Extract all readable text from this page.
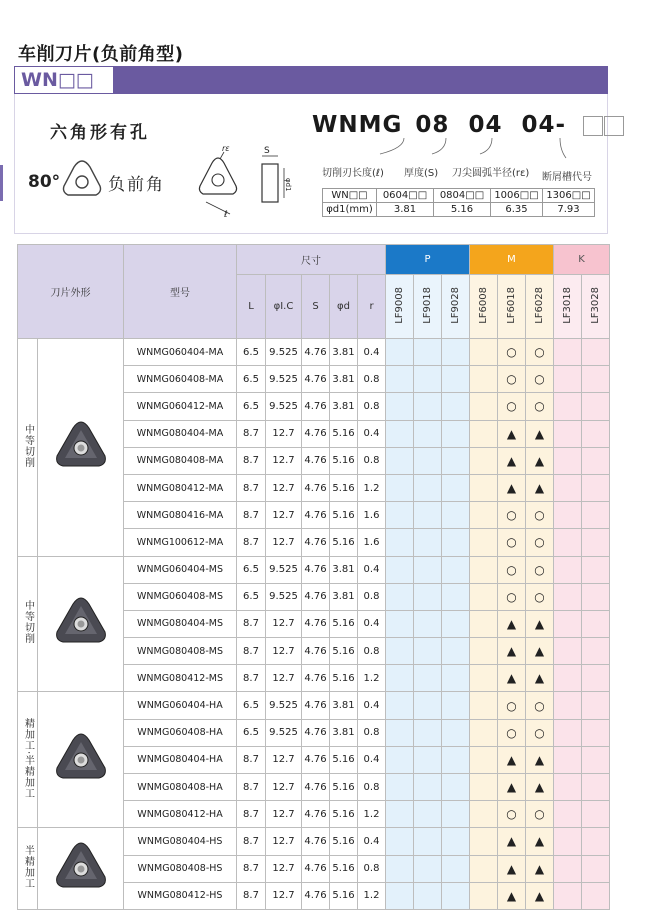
车削刀片(负前角型)
WN□□
六角形有孔
80°	负前角
rε
ℓ
S
φd1
WNMG 08 04 04-
切削刃长度(ℓ) 厚度(S) 刀尖圆弧半径(rε) 断屑槽代号
WN□□	0604□□	0804□□	1006□□	1306□□
φd1(mm)	3.81	5.16	6.35	7.93
刀片外形		型号	尺寸					P			M			K	
			L	φI.C	S	φd	r	LF9008	LF9018	LF9028	LF6008	LF6018	LF6028	LF3018	LF3028
中等切削		WNMG060404-MA	6.5	9.525	4.76	3.81	0.4					○	○		
		WNMG060408-MA	6.5	9.525	4.76	3.81	0.8					○	○		
		WNMG060412-MA	6.5	9.525	4.76	3.81	0.8					○	○		
		WNMG080404-MA	8.7	12.7	4.76	5.16	0.4					▲	▲		
		WNMG080408-MA	8.7	12.7	4.76	5.16	0.8					▲	▲		
		WNMG080412-MA	8.7	12.7	4.76	5.16	1.2					▲	▲		
		WNMG080416-MA	8.7	12.7	4.76	5.16	1.6					○	○		
		WNMG100612-MA	8.7	12.7	4.76	5.16	1.6					○	○		
中等切削		WNMG060404-MS	6.5	9.525	4.76	3.81	0.4					○	○		
		WNMG060408-MS	6.5	9.525	4.76	3.81	0.8					○	○		
		WNMG080404-MS	8.7	12.7	4.76	5.16	0.4					▲	▲		
		WNMG080408-MS	8.7	12.7	4.76	5.16	0.8					▲	▲		
		WNMG080412-MS	8.7	12.7	4.76	5.16	1.2					▲	▲		
精加工·半精加工		WNMG060404-HA	6.5	9.525	4.76	3.81	0.4					○	○		
		WNMG060408-HA	6.5	9.525	4.76	3.81	0.8					○	○		
		WNMG080404-HA	8.7	12.7	4.76	5.16	0.4					▲	▲		
		WNMG080408-HA	8.7	12.7	4.76	5.16	0.8					▲	▲		
		WNMG080412-HA	8.7	12.7	4.76	5.16	1.2					○	○		
半精加工		WNMG080404-HS	8.7	12.7	4.76	5.16	0.4					▲	▲		
		WNMG080408-HS	8.7	12.7	4.76	5.16	0.8					▲	▲		
		WNMG080412-HS	8.7	12.7	4.76	5.16	1.2					▲	▲		
